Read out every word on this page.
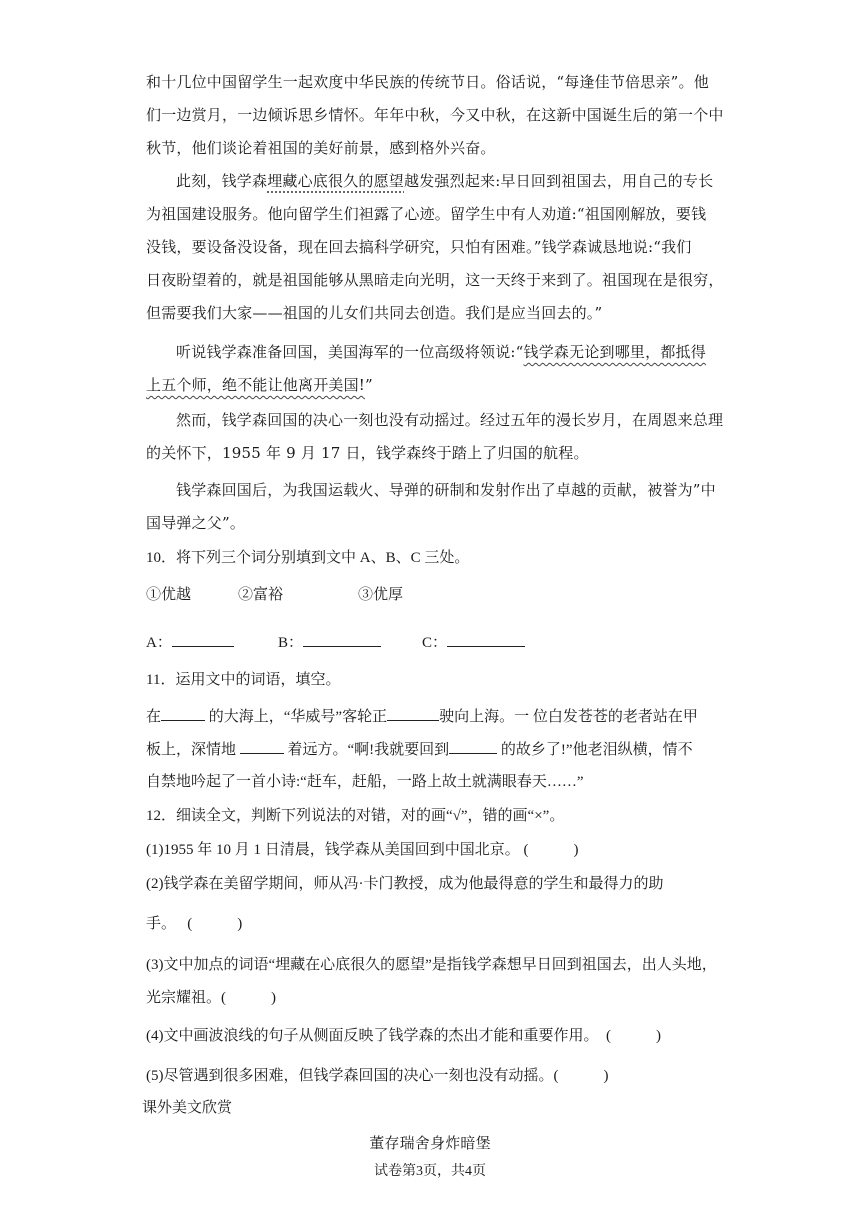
和十几位中国留学生一起欢度中华民族的传统节日。俗话说，“每逢佳节倍思亲”。他
们一边赏月，一边倾诉思乡情怀。年年中秋，今又中秋，在这新中国诞生后的第一个中
秋节，他们谈论着祖国的美好前景，感到格外兴奋。
此刻，钱学森埋藏心底很久的愿望越发强烈起来:早日回到祖国去，用自己的专长
为祖国建设服务。他向留学生们袒露了心迹。留学生中有人劝道:“祖国刚解放，要钱
没钱，要设备没设备，现在回去搞科学研究，只怕有困难。”钱学森诚恳地说:“我们
日夜盼望着的，就是祖国能够从黑暗走向光明，这一天终于来到了。祖国现在是很穷，
但需要我们大家——祖国的儿女们共同去创造。我们是应当回去的。”
听说钱学森准备回国，美国海军的一位高级将领说:“钱学森无论到哪里，都抵得
上五个师，绝不能让他离开美国!”
然而，钱学森回国的决心一刻也没有动摇过。经过五年的漫长岁月，在周恩来总理
的关怀下，1955 年 9 月 17 日，钱学森终于踏上了归国的航程。
钱学森回国后，为我国运载火、导弹的研制和发射作出了卓越的贡献，被誉为”中
国导弹之父”。
10．将下列三个词分别填到文中 A、B、C 三处。
①优越	②富裕	③优厚
A：	B：	C：
11．运用文中的词语，填空。
在	的大海上，“华威号”客轮正	驶向上海。一 位白发苍苍的老者站在甲
板上，深情地	着远方。“啊!我就要回到	的故乡了!”他老泪纵横，情不
自禁地吟起了一首小诗:“赶车，赶船，一路上故土就满眼春天……”
12．细读全文，判断下列说法的对错，对的画“√”，错的画“×”。
(1)1955 年 10 月 1 日清晨，钱学森从美国回到中国北京。 (　　　)
(2)钱学森在美留学期间，师从冯·卡门教授，成为他最得意的学生和最得力的助
手。　 (　　　)
(3)文中加点的词语“埋藏在心底很久的愿望”是指钱学森想早日回到祖国去，出人头地，
光宗耀祖。(　　　)
(4)文中画波浪线的句子从侧面反映了钱学森的杰出才能和重要作用。　(　　　)
(5)尽管遇到很多困难，但钱学森回国的决心一刻也没有动摇。(　　　)
课外美文欣赏
董存瑞舍身炸暗堡
试卷第3页，共4页
